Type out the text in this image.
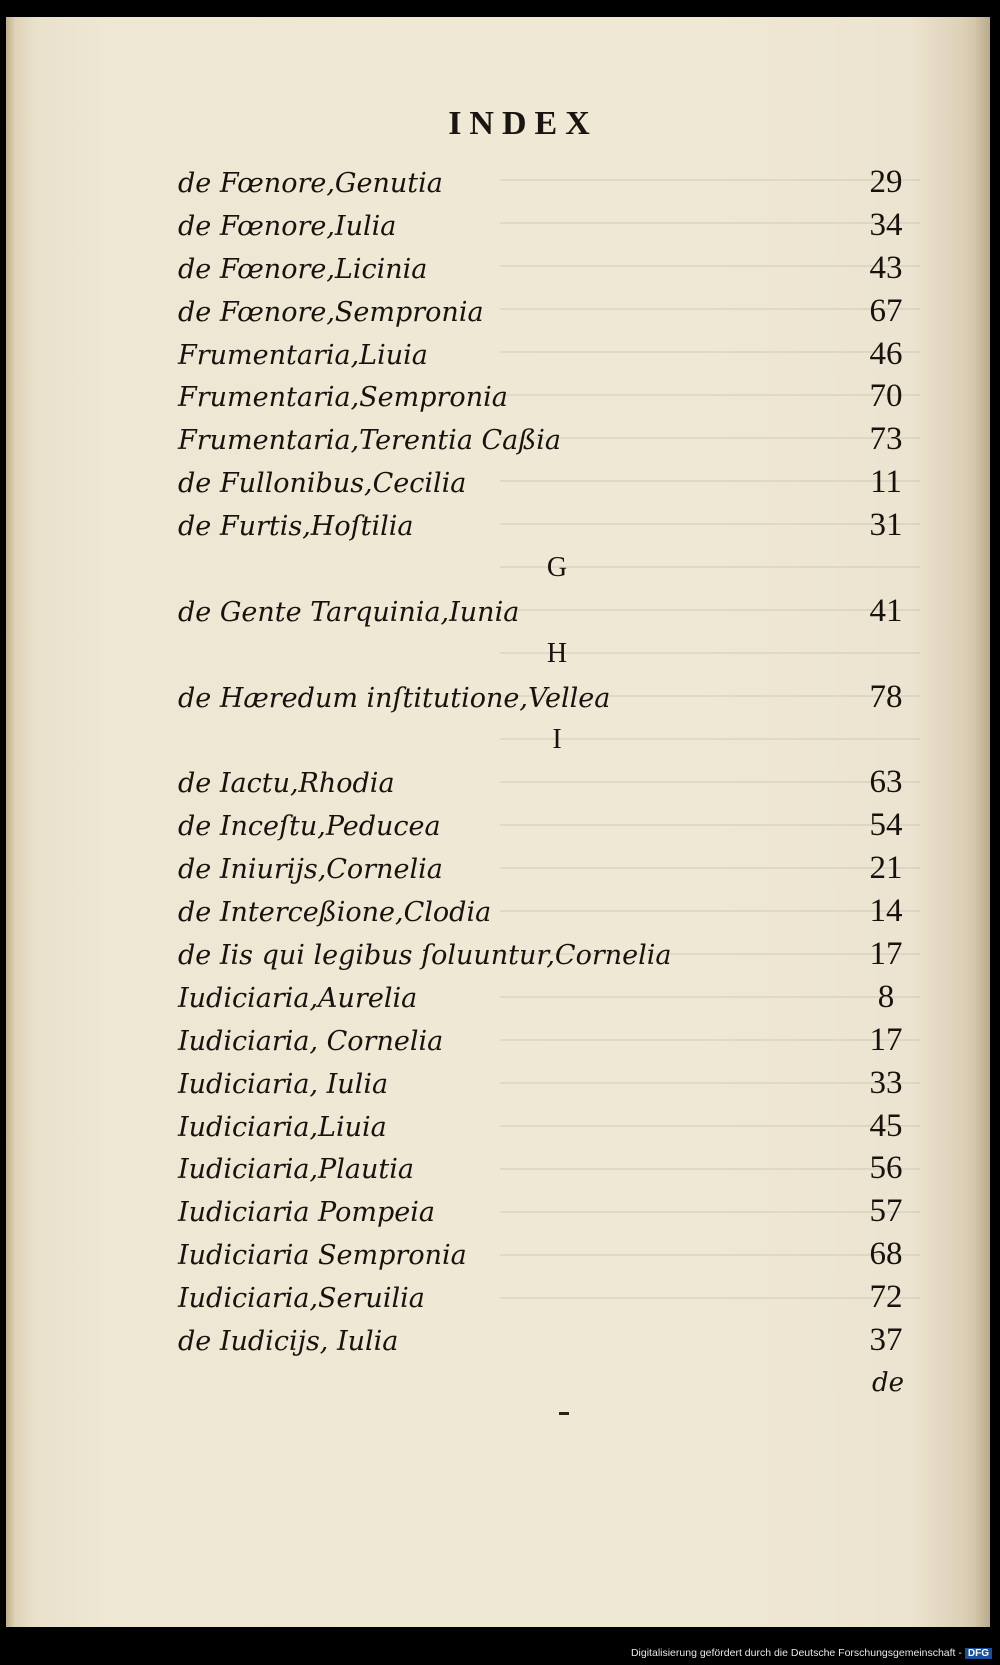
INDEX
de Fœnore,Genutia	29
de Fœnore,Iulia	34
de Fœnore,Licinia	43
de Fœnore,Sempronia	67
Frumentaria,Liuia	46
Frumentaria,Sempronia	70
Frumentaria,Terentia Caßia	73
de Fullonibus,Cecilia	11
de Furtis,Hoſtilia	31
G
de Gente Tarquinia,Iunia	41
H
de Hæredum inſtitutione,Vellea	78
I
de Iactu,Rhodia	63
de Inceſtu,Peducea	54
de Iniurijs,Cornelia	21
de Interceßione,Clodia	14
de Iis qui legibus ſoluuntur,Cornelia	17
Iudiciaria,Aurelia	8
Iudiciaria, Cornelia	17
Iudiciaria, Iulia	33
Iudiciaria,Liuia	45
Iudiciaria,Plautia	56
Iudiciaria Pompeia	57
Iudiciaria Sempronia	68
Iudiciaria,Seruilia	72
de Iudicijs, Iulia	37
de
Digitalisierung gefördert durch die Deutsche Forschungsgemeinschaft - DFG
